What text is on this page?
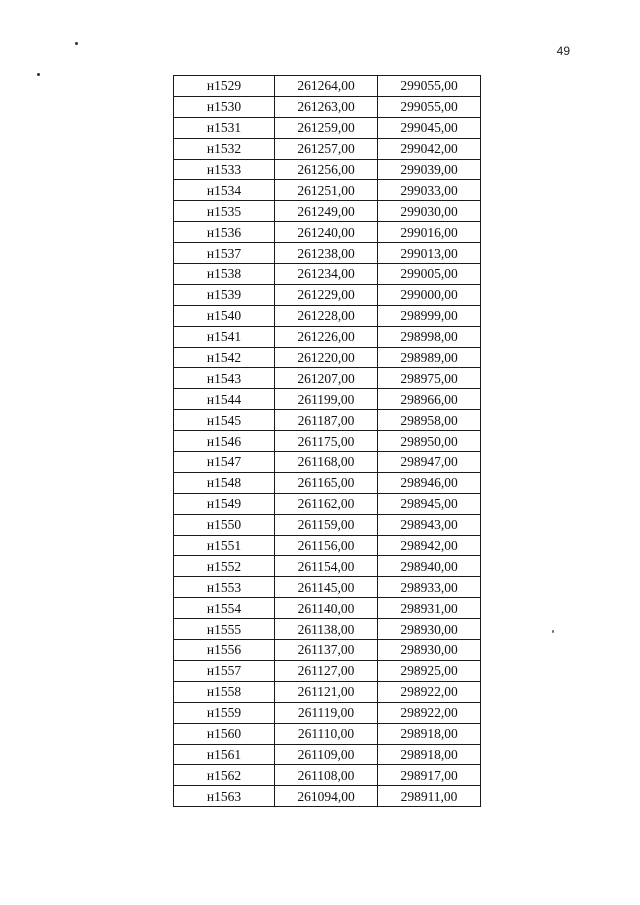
49
н1529	261264,00	299055,00
н1530	261263,00	299055,00
н1531	261259,00	299045,00
н1532	261257,00	299042,00
н1533	261256,00	299039,00
н1534	261251,00	299033,00
н1535	261249,00	299030,00
н1536	261240,00	299016,00
н1537	261238,00	299013,00
н1538	261234,00	299005,00
н1539	261229,00	299000,00
н1540	261228,00	298999,00
н1541	261226,00	298998,00
н1542	261220,00	298989,00
н1543	261207,00	298975,00
н1544	261199,00	298966,00
н1545	261187,00	298958,00
н1546	261175,00	298950,00
н1547	261168,00	298947,00
н1548	261165,00	298946,00
н1549	261162,00	298945,00
н1550	261159,00	298943,00
н1551	261156,00	298942,00
н1552	261154,00	298940,00
н1553	261145,00	298933,00
н1554	261140,00	298931,00
н1555	261138,00	298930,00
н1556	261137,00	298930,00
н1557	261127,00	298925,00
н1558	261121,00	298922,00
н1559	261119,00	298922,00
н1560	261110,00	298918,00
н1561	261109,00	298918,00
н1562	261108,00	298917,00
н1563	261094,00	298911,00
